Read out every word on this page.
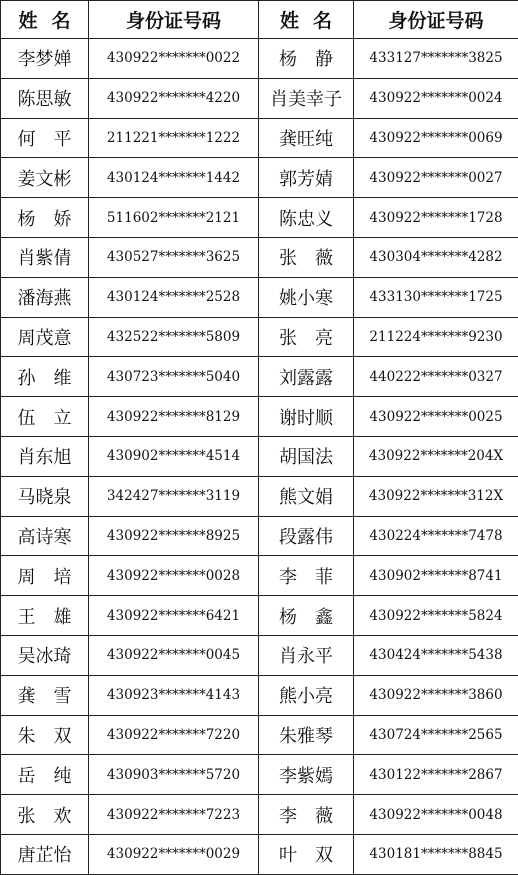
姓名	身份证号码	姓名	身份证号码
李梦婵	430922*******0022	杨　静	433127*******3825
陈思敏	430922*******4220	肖美幸子	430922*******0024
何　平	211221*******1222	龚旺纯	430922*******0069
姜文彬	430124*******1442	郭芳婧	430922*******0027
杨　娇	511602*******2121	陈忠义	430922*******1728
肖紫倩	430527*******3625	张　薇	430304*******4282
潘海燕	430124*******2528	姚小寒	433130*******1725
周茂意	432522*******5809	张　亮	211224*******9230
孙　维	430723*******5040	刘露露	440222*******0327
伍　立	430922*******8129	谢时顺	430922*******0025
肖东旭	430902*******4514	胡国法	430922*******204X
马晓泉	342427*******3119	熊文娟	430922*******312X
高诗寒	430922*******8925	段露伟	430224*******7478
周　培	430922*******0028	李　菲	430902*******8741
王　雄	430922*******6421	杨　鑫	430922*******5824
吴冰琦	430922*******0045	肖永平	430424*******5438
龚　雪	430923*******4143	熊小亮	430922*******3860
朱　双	430922*******7220	朱雅琴	430724*******2565
岳　纯	430903*******5720	李紫嫣	430122*******2867
张　欢	430922*******7223	李　薇	430922*******0048
唐芷怡	430922*******0029	叶　双	430181*******8845
